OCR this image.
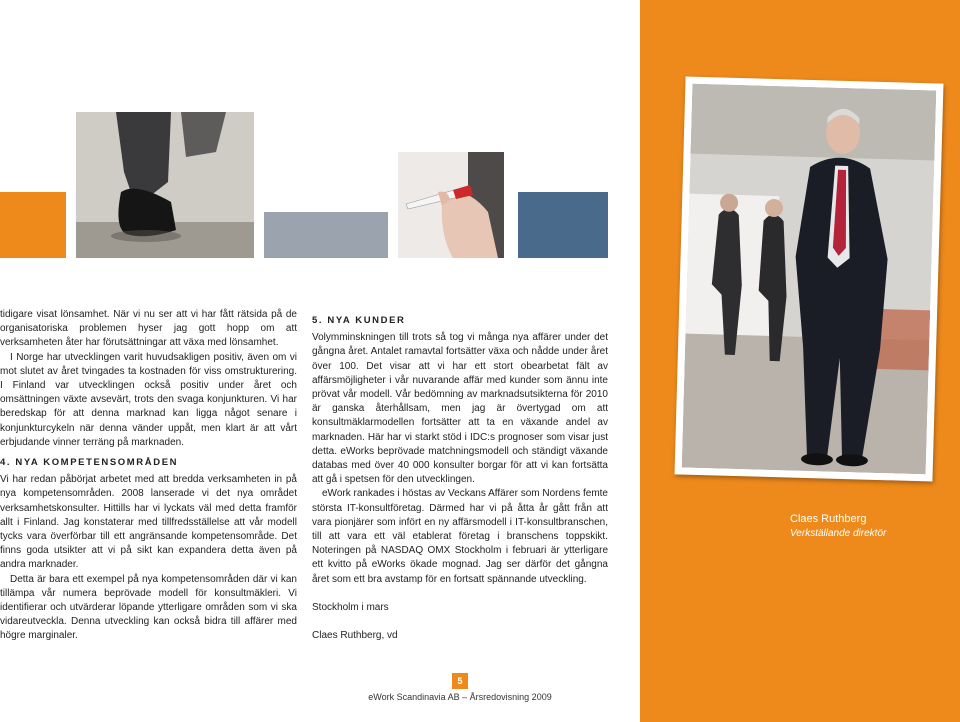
tidigare visat lönsamhet. När vi nu ser att vi har fått rätsida på de organisatoriska problemen hyser jag gott hopp om att verksamheten åter har förutsättningar att växa med lönsamhet.

I Norge har utvecklingen varit huvudsakligen positiv, även om vi mot slutet av året tvingades ta kostnaden för viss omstrukturering. I Finland var utvecklingen också positiv under året och omsättningen växte avsevärt, trots den svaga konjunkturen. Vi har beredskap för att denna marknad kan ligga något senare i konjunkturcykeln när denna vänder uppåt, men klart är att vårt erbjudande vinner terräng på marknaden.

4. NYA KOMPETENSOMRÅDEN

Vi har redan påbörjat arbetet med att bredda verksamheten in på nya kompetensområden. 2008 lanserade vi det nya området verksamhetskonsulter. Hittills har vi lyckats väl med detta framför allt i Finland. Jag konstaterar med tillfredsställelse att vår modell tycks vara överförbar till ett angränsande kompetensområde. Det finns goda utsikter att vi på sikt kan expandera detta även på andra marknader.

Detta är bara ett exempel på nya kompetensområden där vi kan tillämpa vår numera beprövade modell för konsultmäkleri. Vi identifierar och utvärderar löpande ytterligare områden som vi ska vidareutveckla. Denna utveckling kan också bidra till affärer med högre marginaler.

5. NYA KUNDER

Volymminskningen till trots så tog vi många nya affärer under det gångna året. Antalet ramavtal fortsätter växa och nådde under året över 100. Det visar att vi har ett stort obearbetat fält av affärsmöjligheter i vår nuvarande affär med kunder som ännu inte prövat vår modell. Vår bedömning av marknadsutsikterna för 2010 är ganska återhållsam, men jag är övertygad om att konsultmäklarmodellen fortsätter att ta en växande andel av marknaden. Här har vi starkt stöd i IDC:s prognoser som visar just detta. eWorks beprövade matchningsmodell och ständigt växande databas med över 40 000 konsulter borgar för att vi kan fortsätta att gå i spetsen för den utvecklingen.

eWork rankades i höstas av Veckans Affärer som Nordens femte största IT-konsultföretag. Därmed har vi på åtta år gått från att vara pionjärer som infört en ny affärsmodell i IT-konsultbranschen, till att vara ett väl etablerat företag i branschens toppskikt. Noteringen på NASDAQ OMX Stockholm i februari är ytterligare ett kvitto på eWorks ökade mognad. Jag ser därför det gångna året som ett bra avstamp för en fortsatt spännande utveckling.

Stockholm i mars

Claes Ruthberg, vd

Claes Ruthberg
Verkställande direktör
5
eWork Scandinavia AB – Årsredovisning 2009
